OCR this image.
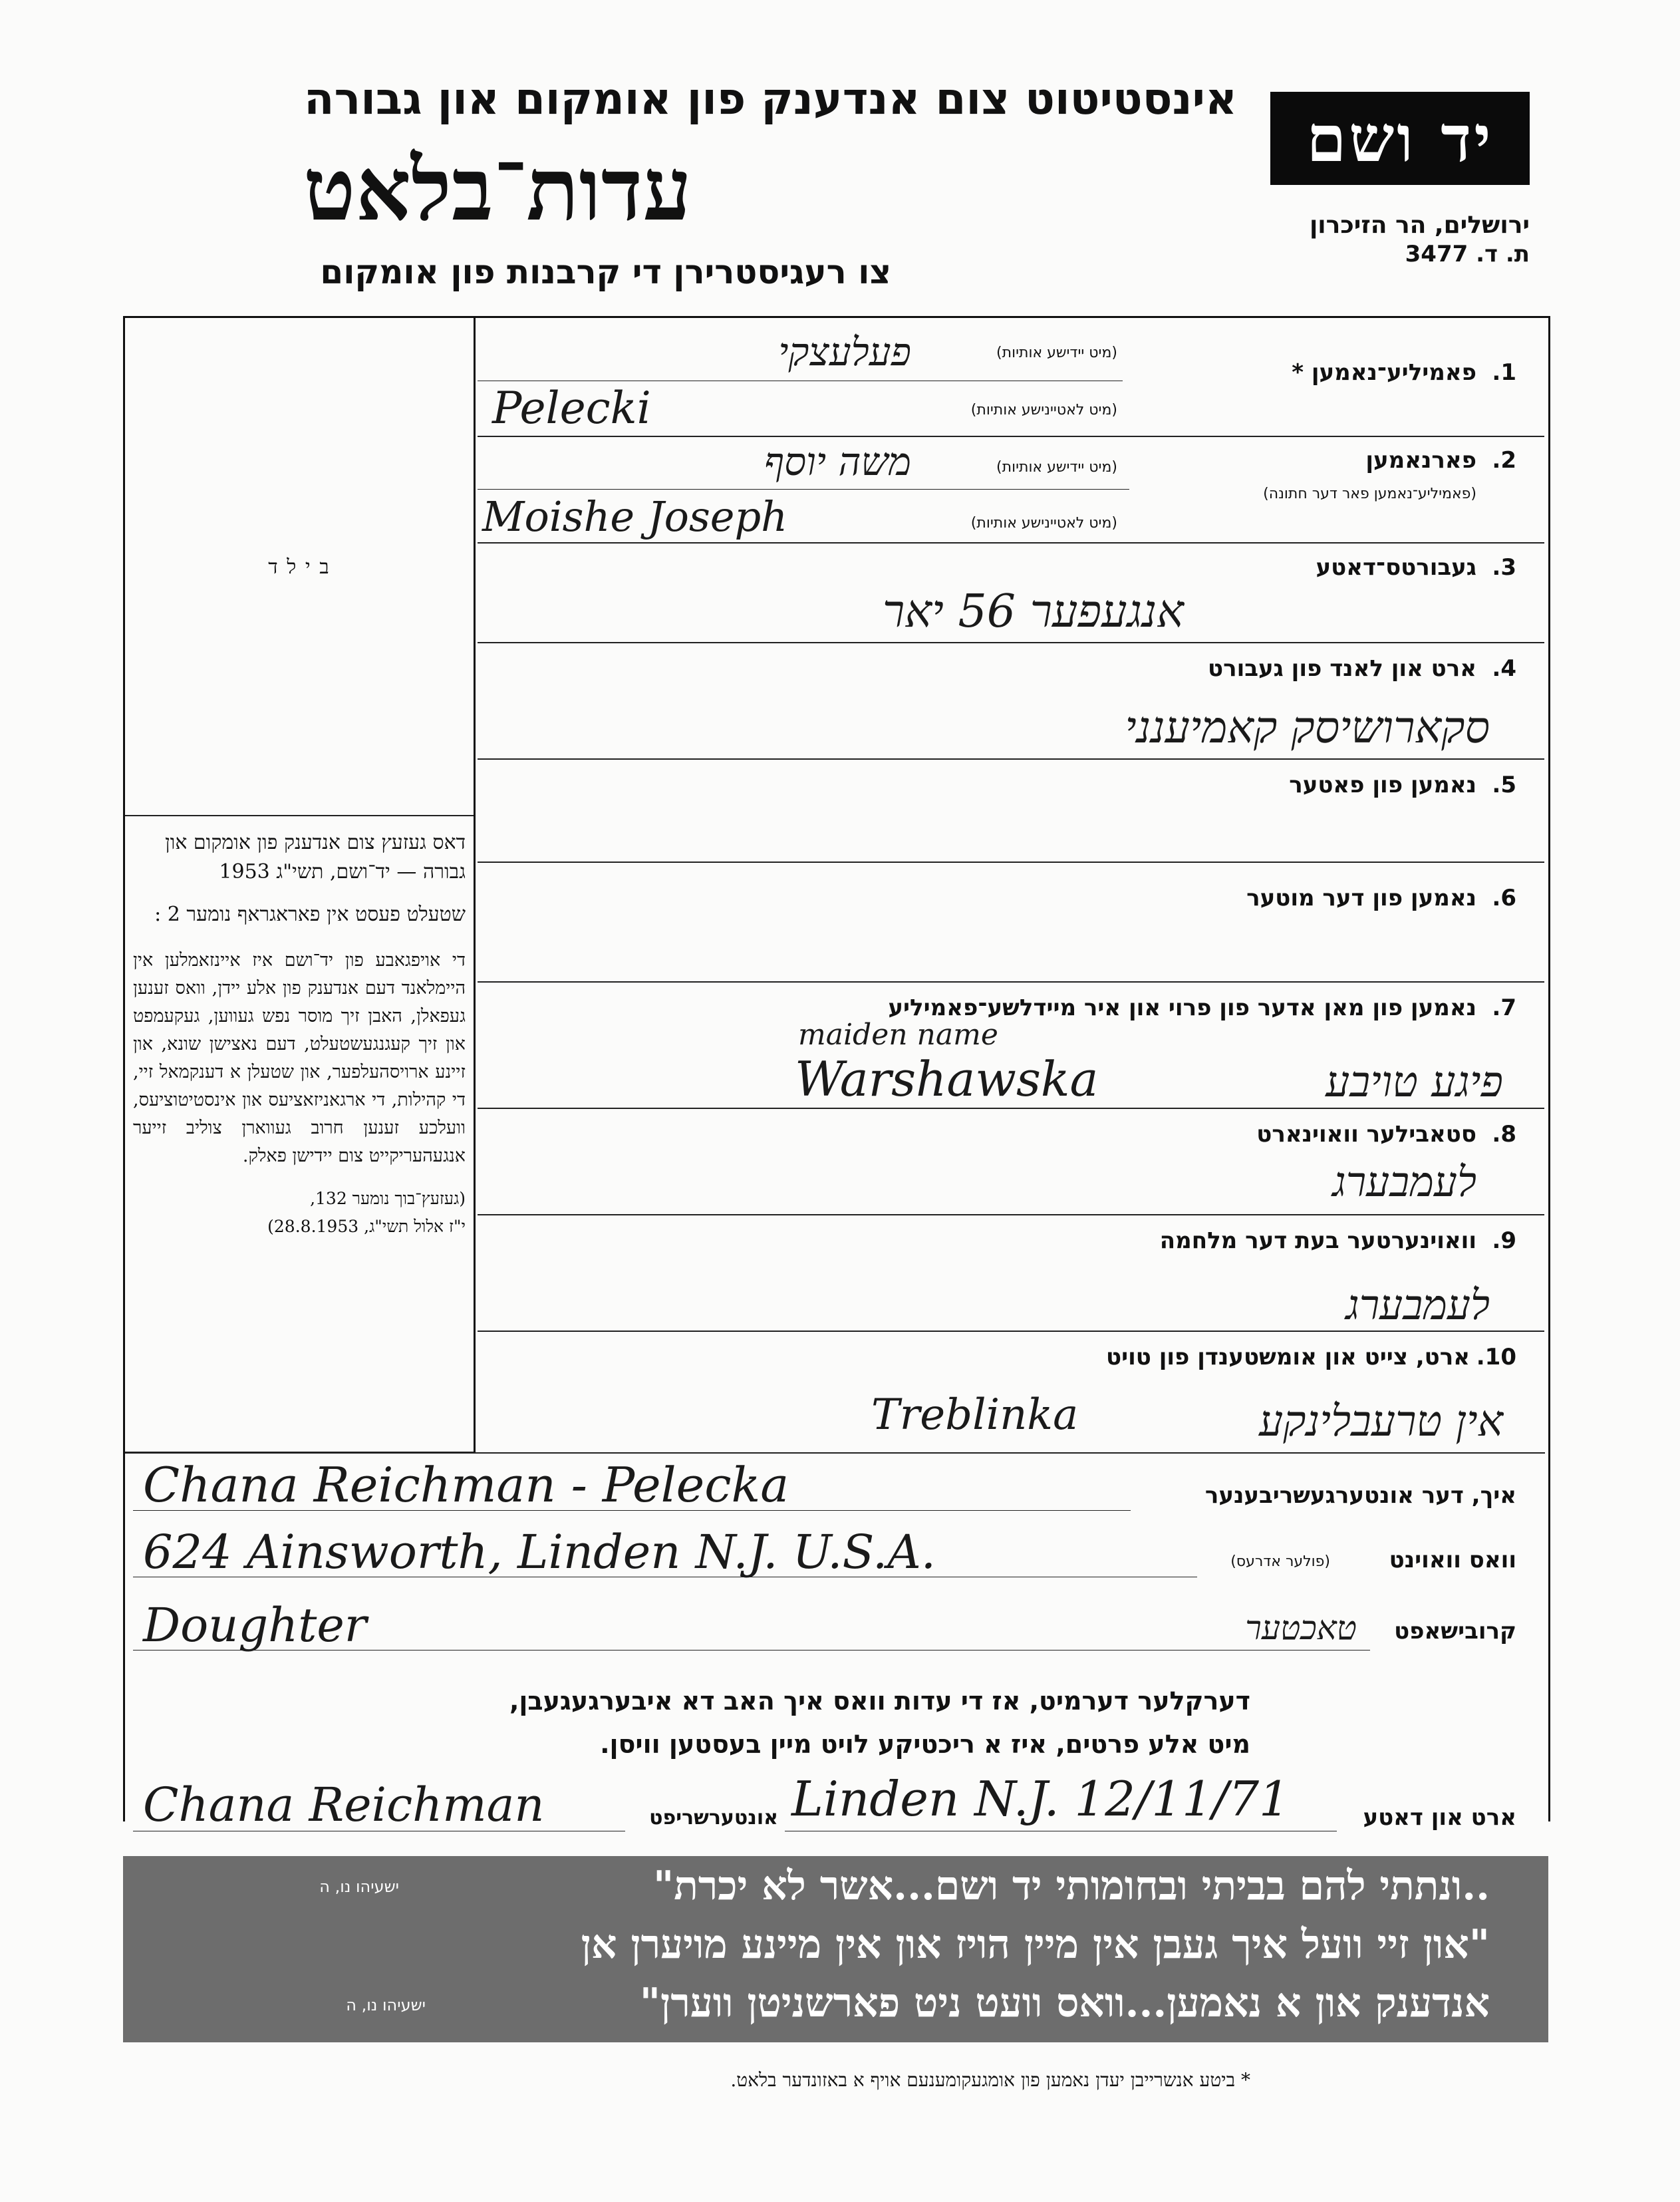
יד ושם
אינסטיטוט צום אנדענק פון אומקום און גבורה
עדות־בלאט
צו רעגיסטרירן די קרבנות פון אומקום
ירושלים, הר הזיכרון
ת. ד. 3477
ב י ל ד

דאס געזעץ צום אנדענק פון אומקום און גבורה — יד־ושם, תשי"ג 1953

שטעלט פעסט אין פאראגראף נומער 2 :

די אויפגאבע פון יד־ושם איז איינזאמלען אין היימלאנד דעם אנדענק פון אלע יידן, וואס זענען געפאלן, האבן זיך מוסר נפש געווען, געקעמפט און זיך קעגנגעשטעלט, דעם נאצישן שונא, און זיינע ארויסהעלפער, און שטעלן א דענקמאל זיי, די קהילות, די ארגאניזאציעס און אינסטיטוציעס, וועלכע זענען חרוב געווארן צוליב זייער אנגעהעריקייט צום יידישן פאלק.

(געזעץ־בוך נומער 132,

י"ז אלול תשי"ג, 28.8.1953)

1.פאמיליע־נאמען *
(מיט יידישע אותיות)
פעלעצקי
Pelecki	(מיט לאטיינישע אותיות)
2.פארנאמען
(פאמיליע־נאמען פאר דער חתונה)
(מיט יידישע אותיות)
משה יוסף
Moishe Joseph	(מיט לאטיינישע אותיות)
3.געבורטס־דאטע
אנגעפער 56 יאר
4.ארט און לאנד פון געבורט
סקארושיסק קאמיענני
5.נאמען פון פאטער
6.נאמען פון דער מוטער
7.נאמען פון מאן אדער פון פרוי און איר מיידלשע־פאמיליע
maiden name
Warshawska	פיגע טויבע
8.סטאבילער וואוינארט
לעמבערג
9.וואוינערטער בעת דער מלחמה
לעמבערג
10.ארט, צייט און אומשטענדן פון טויט
Treblinka	אין טרעבלינקע
Chana Reichman - Pelecka	איך, דער אונטערגעשריבענער
624 Ainsworth, Linden N.J. U.S.A.	(פולער אדרעס)	וואס וואוינט
Doughter	טאכטער	קרובישאפט
דערקלער דערמיט, אז די עדות וואס איך האב דא איבערגעגעבן,
מיט אלע פרטים, איז א ריכטיקע לויט מיין בעסטען וויסן.
Chana Reichman	אונטערשריפט Linden N.J. 12/11/71	ארט און דאטע
..ונתתי להם בביתי ובחומותי יד ושם...אשר לא יכרת"
ישעיהו נו, ה
"און זיי וועל איך געבן אין מיין הויז און אין מיינע מויערן אן
אנדענק און א נאמען...וואס וועט ניט פארשניטן ווערן"
ישעיהו נו, ה
* ביטע אנשרייבן יעדן נאמען פון אומגעקומענעם אויף א באזונדער בלאט.
